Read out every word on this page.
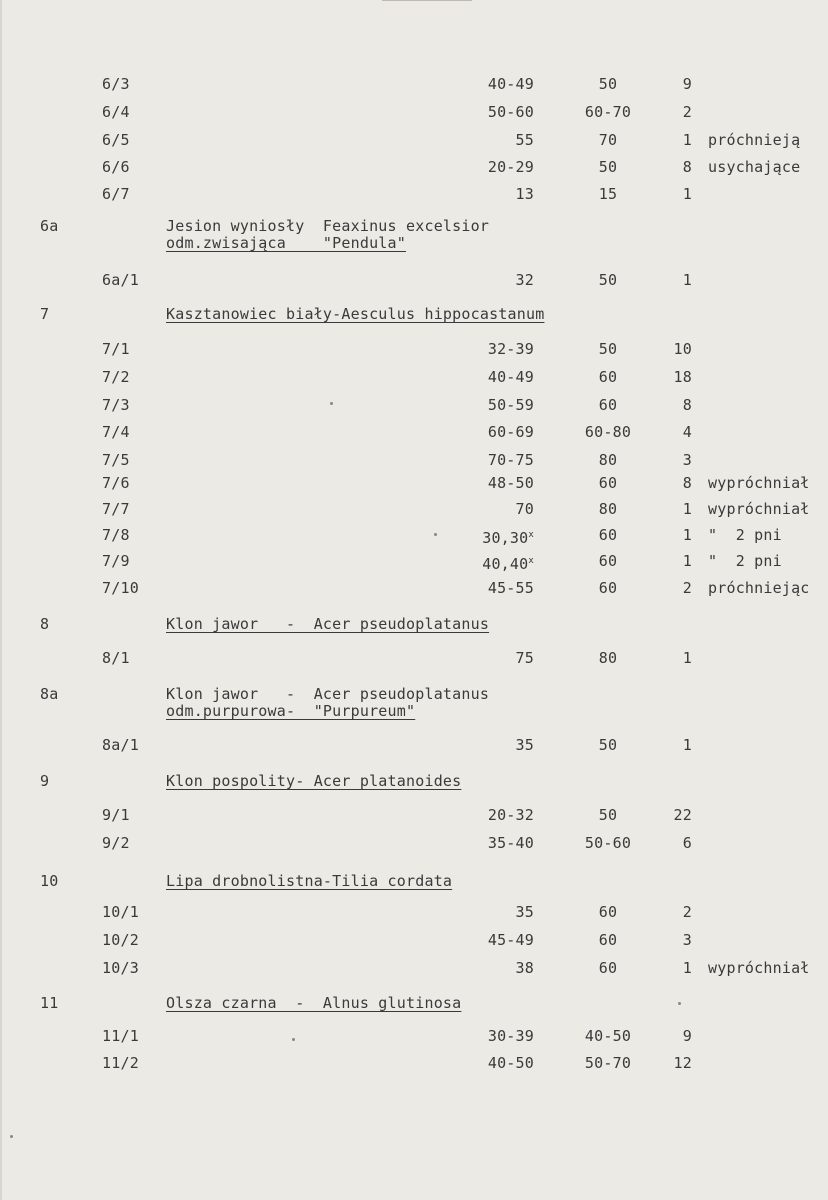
6/3	40-49	50	9
6/4	50-60	60-70	2
6/5	55	70	1 próchnieją
6/6	20-29	50	8 usychające
6/7	13	15	1
6a	Jesion wyniosły  Feaxinus excelsior
odm.zwisająca    "Pendula"
6a/1	32	50	1
7	Kasztanowiec biały-Aesculus hippocastanum
7/1	32-39	50	10
7/2	40-49	60	18
7/3	50-59	60	8
7/4	60-69	60-80	4
7/5	70-75	80	3
7/6	48-50	60	8 wypróchniał
7/7	70	80	1 wypróchniał
7/8	30,30$^x$	60	1 "  2 pni
7/9	40,40$^x$	60	1 "  2 pni
7/10	45-55	60	2 próchniejąc
8	Klon jawor   -  Acer pseudoplatanus
8/1	75	80	1
8a	Klon jawor   -  Acer pseudoplatanus
odm.purpurowa-  "Purpureum"
8a/1	35	50	1
9	Klon pospolity- Acer platanoides
9/1	20-32	50	22
9/2	35-40	50-60	6
10	Lipa drobnolistna-Tilia cordata
10/1	35	60	2
10/2	45-49	60	3
10/3	38	60	1 wypróchniał
11	Olsza czarna  -  Alnus glutinosa
11/1	30-39	40-50	9
11/2	40-50	50-70	12
